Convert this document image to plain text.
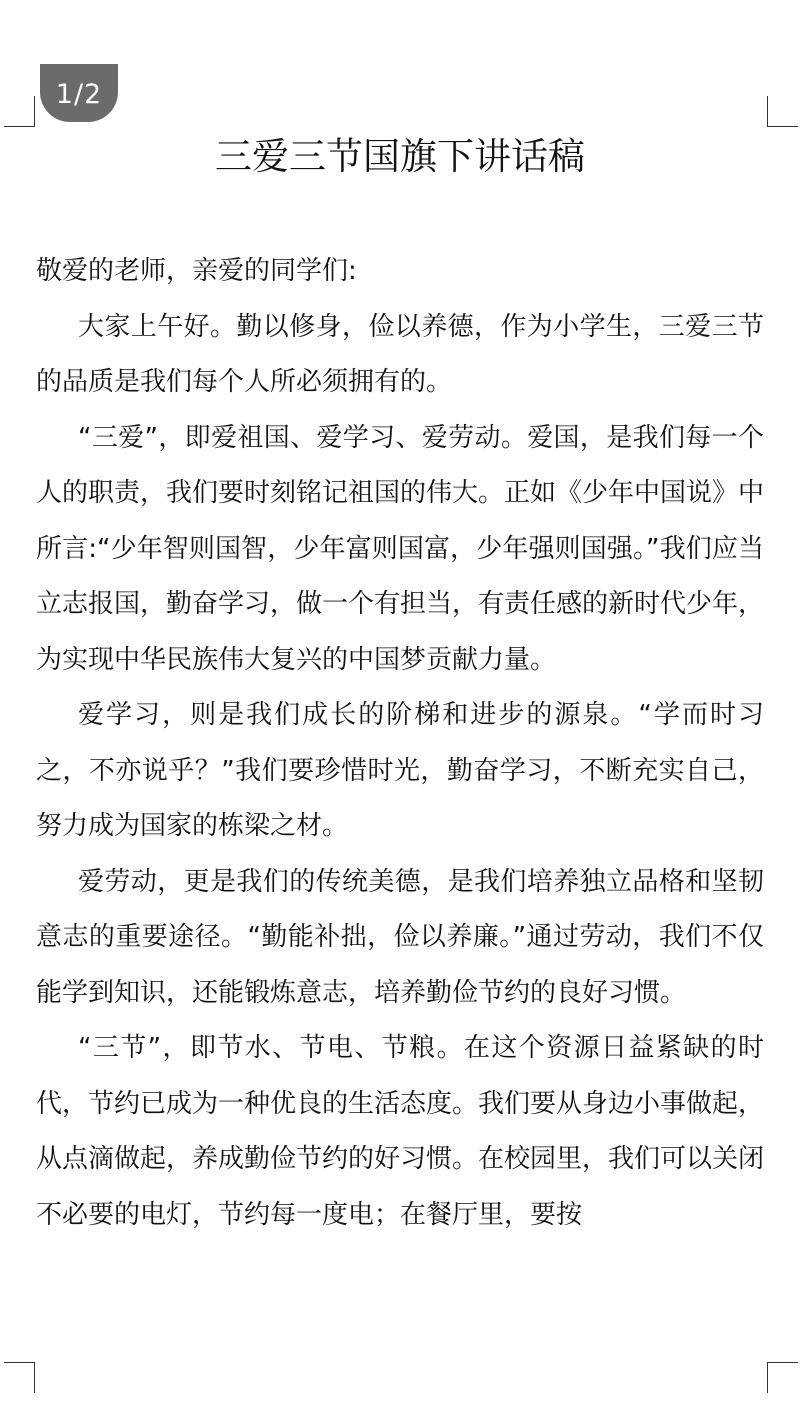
1/2
三爱三节国旗下讲话稿

敬爱的老师，亲爱的同学们:

大家上午好。勤以修身，俭以养德，作为小学生，三爱三节的品质是我们每个人所必须拥有的。

“三爱”，即爱祖国、爱学习、爱劳动。爱国，是我们每一个人的职责，我们要时刻铭记祖国的伟大。正如《少年中国说》中所言:“少年智则国智，少年富则国富，少年强则国强。”我们应当立志报国，勤奋学习，做一个有担当，有责任感的新时代少年，为实现中华民族伟大复兴的中国梦贡献力量。

爱学习，则是我们成长的阶梯和进步的源泉。“学而时习之，不亦说乎？”我们要珍惜时光，勤奋学习，不断充实自己，努力成为国家的栋梁之材。

爱劳动，更是我们的传统美德，是我们培养独立品格和坚韧意志的重要途径。“勤能补拙，俭以养廉。”通过劳动，我们不仅能学到知识，还能锻炼意志，培养勤俭节约的良好习惯。

“三节”，即节水、节电、节粮。在这个资源日益紧缺的时代，节约已成为一种优良的生活态度。我们要从身边小事做起，从点滴做起，养成勤俭节约的好习惯。在校园里，我们可以关闭不必要的电灯，节约每一度电；在餐厅里，要按
